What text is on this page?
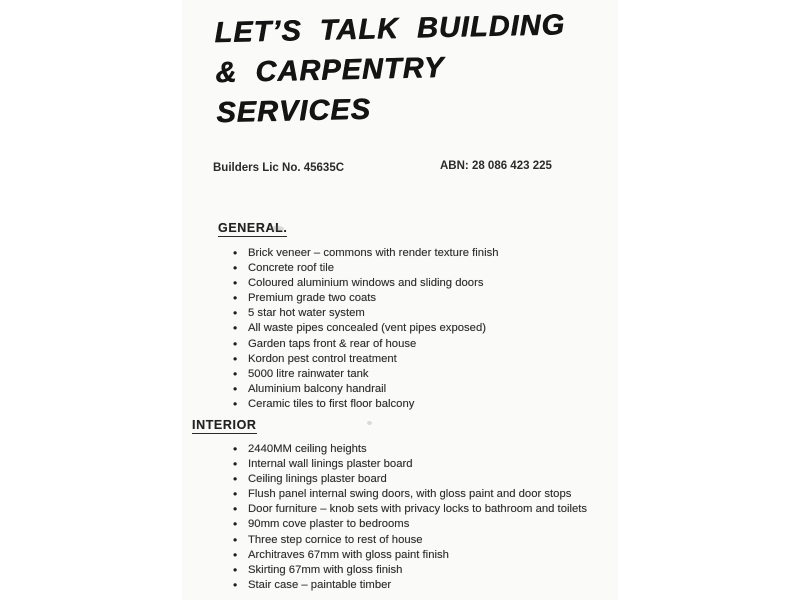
LET’S TALK BUILDING
& CARPENTRY
SERVICES
Builders Lic No. 45635C	ABN: 28 086 423 225
GENERAL.
• Brick veneer – commons with render texture finish
• Concrete roof tile
• Coloured aluminium windows and sliding doors
• Premium grade two coats
• 5 star hot water system
• All waste pipes concealed (vent pipes exposed)
• Garden taps front & rear of house
• Kordon pest control treatment
• 5000 litre rainwater tank
• Aluminium balcony handrail
• Ceramic tiles to first floor balcony
INTERIOR
• 2440MM ceiling heights
• Internal wall linings plaster board
• Ceiling linings plaster board
• Flush panel internal swing doors, with gloss paint and door stops
• Door furniture – knob sets with privacy locks to bathroom and toilets
• 90mm cove plaster to bedrooms
• Three step cornice to rest of house
• Architraves 67mm with gloss paint finish
• Skirting 67mm with gloss finish
• Stair case – paintable timber
